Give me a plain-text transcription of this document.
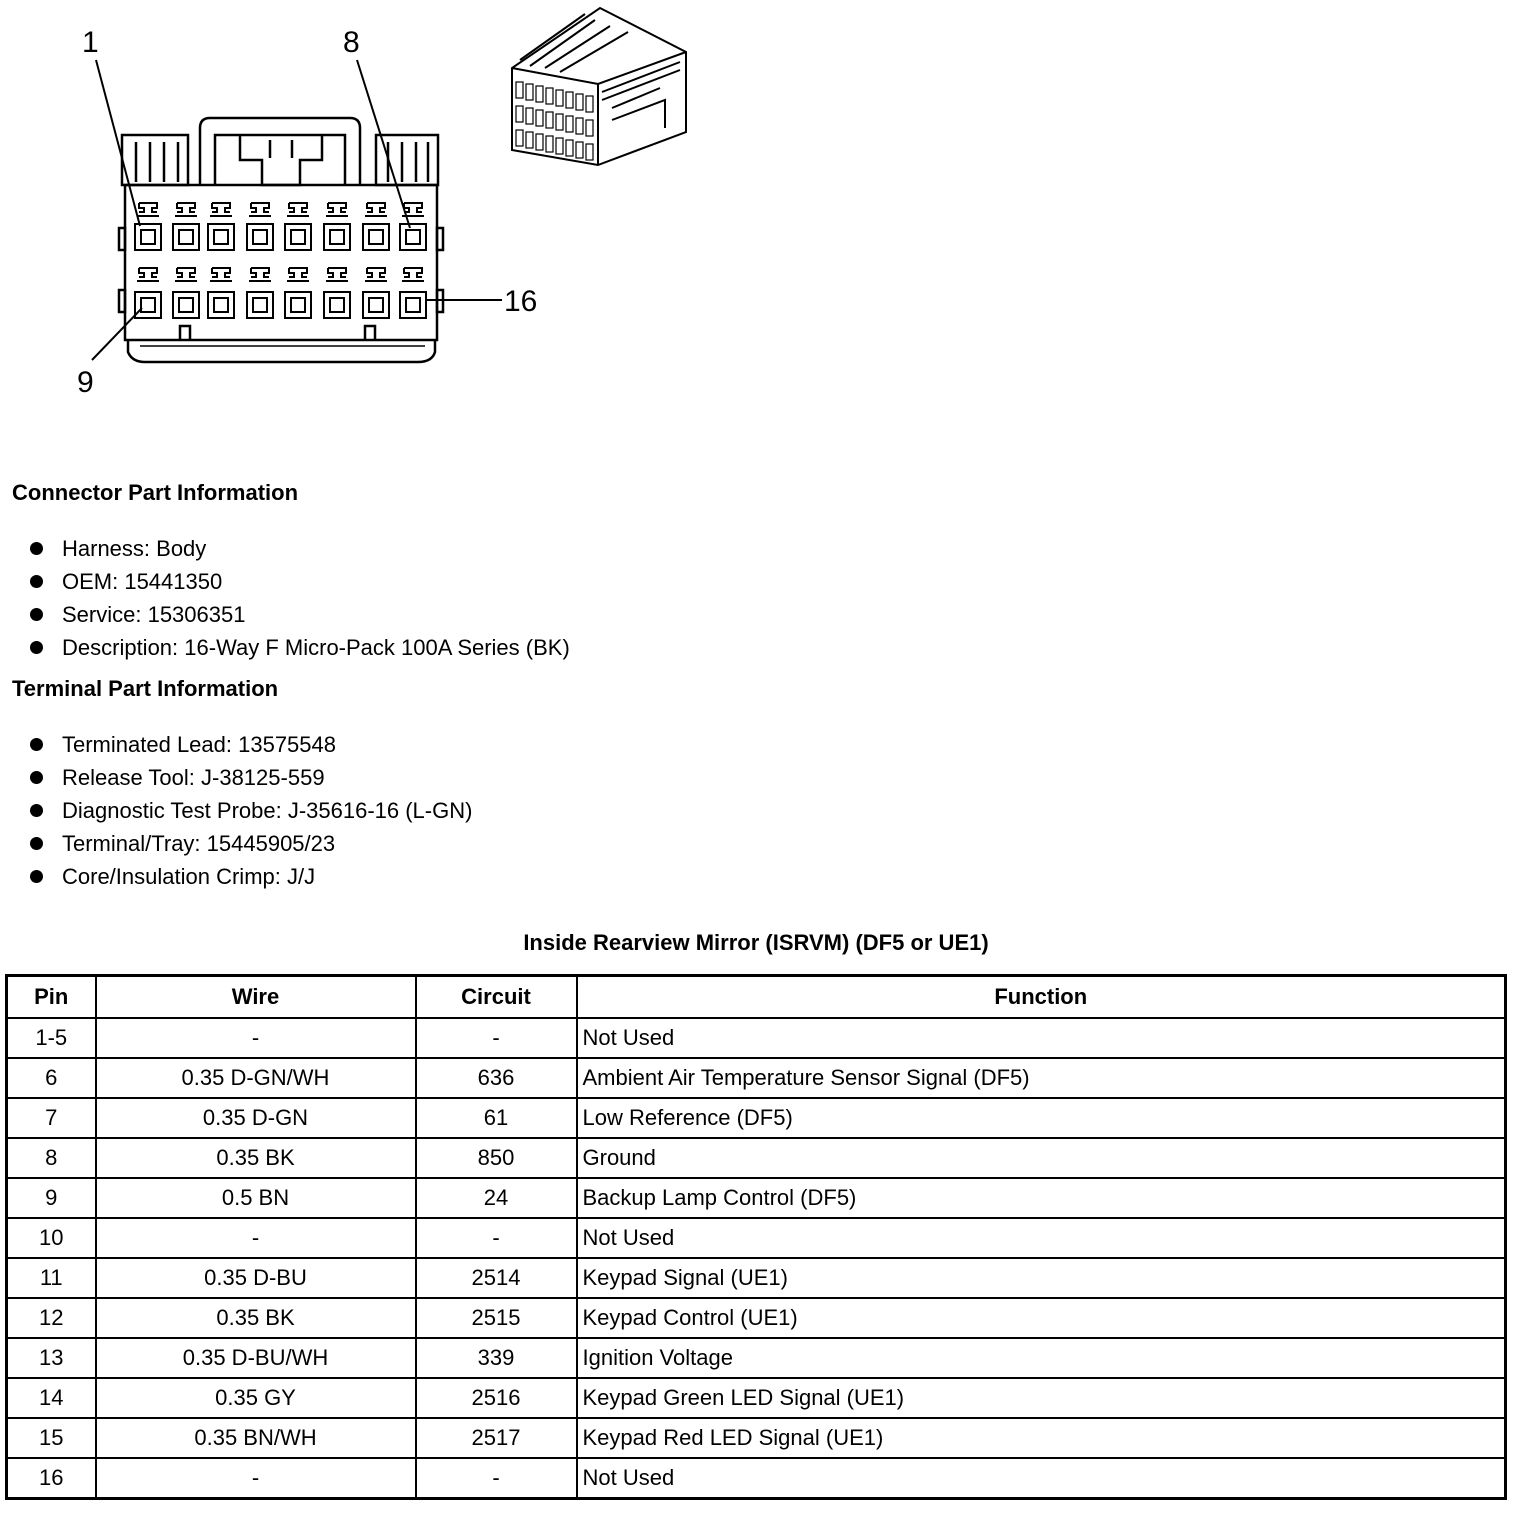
1	8
9
16
Connector Part Information
Harness: Body
OEM: 15441350
Service: 15306351
Description: 16-Way F Micro-Pack 100A Series (BK)
Terminal Part Information
Terminated Lead: 13575548
Release Tool: J-38125-559
Diagnostic Test Probe: J-35616-16 (L-GN)
Terminal/Tray: 15445905/23
Core/Insulation Crimp: J/J
Inside Rearview Mirror (ISRVM) (DF5 or UE1)
Pin	Wire	Circuit	Function
1-5	-	-	Not Used
6	0.35 D-GN/WH	636	Ambient Air Temperature Sensor Signal (DF5)
7	0.35 D-GN	61	Low Reference (DF5)
8	0.35 BK	850	Ground
9	0.5 BN	24	Backup Lamp Control (DF5)
10	-	-	Not Used
11	0.35 D-BU	2514	Keypad Signal (UE1)
12	0.35 BK	2515	Keypad Control (UE1)
13	0.35 D-BU/WH	339	Ignition Voltage
14	0.35 GY	2516	Keypad Green LED Signal (UE1)
15	0.35 BN/WH	2517	Keypad Red LED Signal (UE1)
16	-	-	Not Used
